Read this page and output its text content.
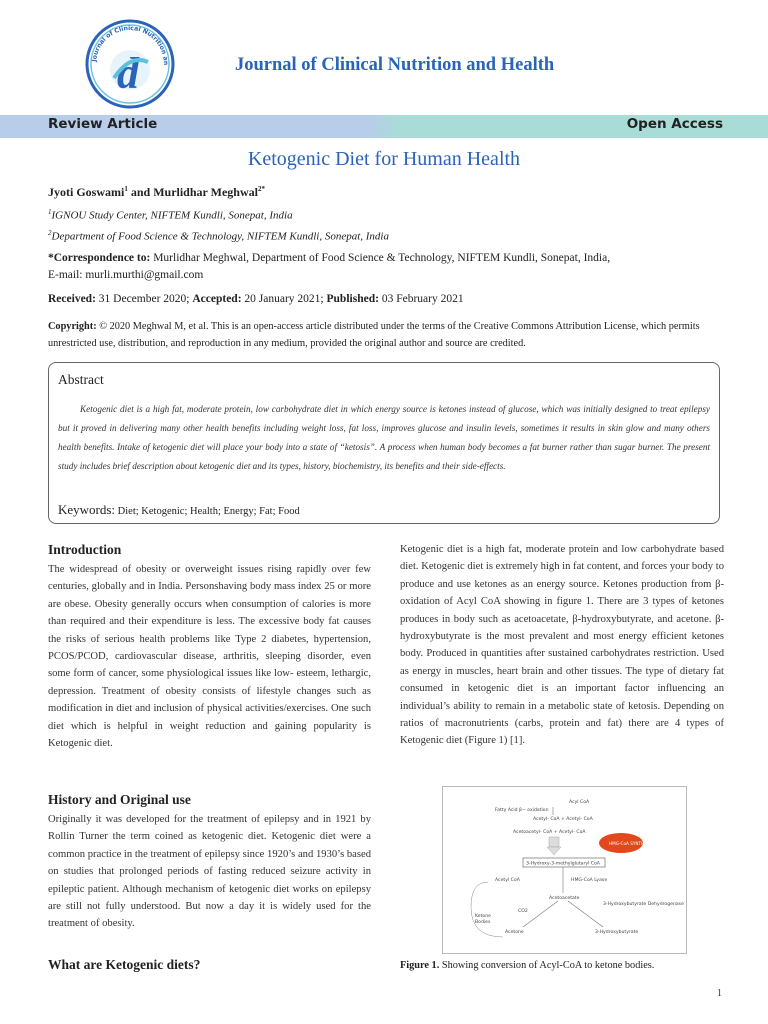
Journal of Clinical Nutrition an
d	Journal of Clinical Nutrition and Health
Review Article	Open Access
Ketogenic Diet for Human Health
Jyoti Goswami$^1$ and Murlidhar Meghwal$^{2*}$
$^1$IGNOU Study Center, NIFTEM Kundli, Sonepat, India
$^2$Department of Food Science & Technology, NIFTEM Kundli, Sonepat, India
*Correspondence to: Murlidhar Meghwal, Department of Food Science & Technology, NIFTEM Kundli, Sonepat, India,
E-mail: murli.murthi@gmail.com
Received: 31 December 2020; Accepted: 20 January 2021; Published: 03 February 2021
Copyright: © 2020 Meghwal M, et al. This is an open-access article distributed under the terms of the Creative Commons Attribution License, which permits unrestricted use, distribution, and reproduction in any medium, provided the original author and source are credited.
Abstract
Ketogenic diet is a high fat, moderate protein, low carbohydrate diet in which energy source is ketones instead of glucose, which was initially designed to treat epilepsy but it proved in delivering many other health benefits including weight loss, fat loss, improves glucose and insulin levels, sometimes it results in skin glow and many others health benefits. Intake of ketogenic diet will place your body into a state of “ketosis”. A process when human body becomes a fat burner rather than sugar burner. The present study includes brief description about ketogenic diet and its types, history, biochemistry, its benefits and their side-effects.
Keywords: Diet; Ketogenic; Health; Energy; Fat; Food
Introduction
The widespread of obesity or overweight issues rising rapidly over few centuries, globally and in India. Personshaving body mass index 25 or more are obese. Obesity generally occurs when consumption of calories is more than required and their expenditure is less. The excessive body fat causes the risks of serious health problems like Type 2 diabetes, hypertension, PCOS/PCOD, cardiovascular disease, arthritis, sleeping disorder, even some form of cancer, some physiological issues like low- esteem, lethargic, depression. Treatment of obesity consists of lifestyle changes such as modification in diet and inclusion of physical activities/exercises. One such diet which is helpful in weight reduction and gaining popularity is Ketogenic diet.
History and Original use
Originally it was developed for the treatment of epilepsy and in 1921 by Rollin Turner the term coined as ketogenic diet. Ketogenic diet were a common practice in the treatment of epilepsy since 1920’s and 1930’s based on studies that prolonged periods of fasting reduced seizure activity in epileptic patient. Although mechanism of ketogenic diet works on epilepsy are still not fully understood. But now a day it is widely used for the treatment of obesity.
What are Ketogenic diets?
Ketogenic diet is a high fat, moderate protein and low carbohydrate based diet. Ketogenic diet is extremely high in fat content, and forces your body to produce and use ketones as an energy source. Ketones production from β-oxidation of Acyl CoA showing in figure 1. There are 3 types of ketones produces in body such as acetoacetate, β-hydroxybutyrate, and acetone. β-hydroxybutyrate is the most prevalent and most energy efficient ketones body. Produced in quantities after sustained carbohydrates restriction. Used as energy in muscles, heart brain and other tissues. The type of dietary fat consumed in ketogenic diet is an important factor influencing an individual’s ability to remain in a metabolic state of ketosis. Depending on ratios of macronutrients (carbs, protein and fat) there are 4 types of Ketogenic diet (Figure 1) [1].
Acyl CoA
Fatty Acid β− oxidation
Acetyl- CoA + Acetyl- CoA
Acetoacetyl- CoA + Acetyl- CoA
HMG-CoA SYNTHASE
3-Hydroxy-3-methylglutaryl CoA
Acetyl CoA	HMG-CoA Lyase
Acetoacetate
CO2
3-Hydroxybutyrate Dehydrogenase
Ketone
Bodies
Acetone	3-Hydroxybutyrate
Figure 1. Showing conversion of Acyl-CoA to ketone bodies.
1
